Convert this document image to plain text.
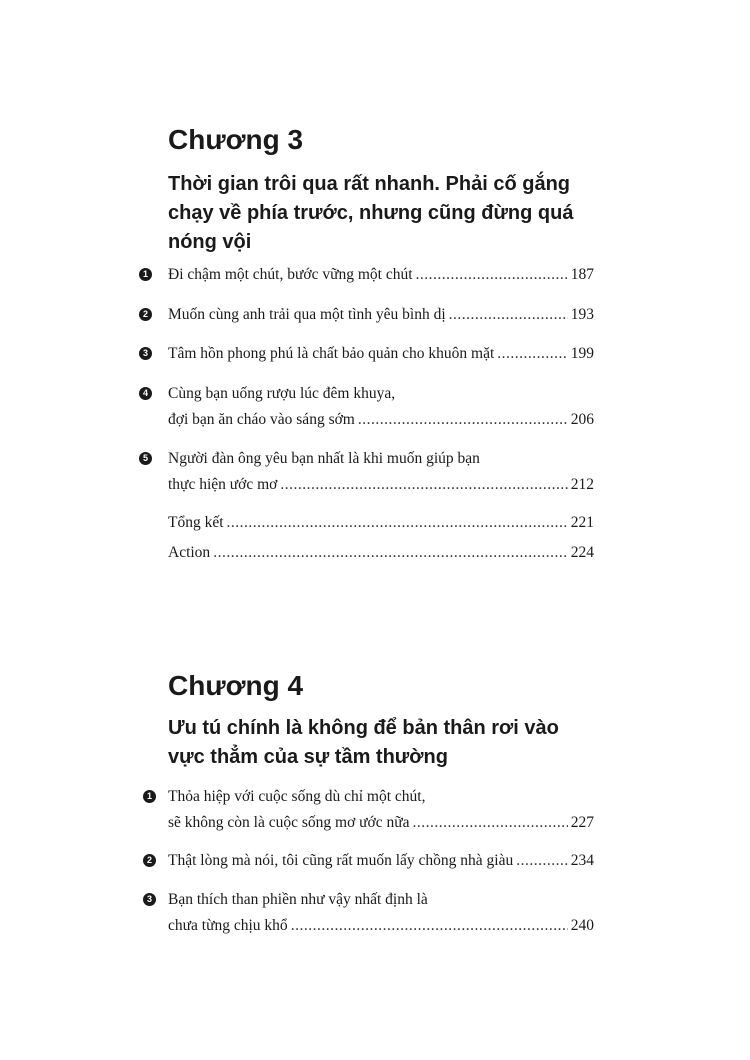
Chương 3
Thời gian trôi qua rất nhanh. Phải cố gắng
chạy về phía trước, nhưng cũng đừng quá
nóng vội
1 Đi chậm một chút, bước vững một chút .....	187
2 Muốn cùng anh trải qua một tình yêu bình dị .....	193
3 Tâm hồn phong phú là chất bảo quản cho khuôn mặt .....	199
4 Cùng bạn uống rượu lúc đêm khuya,
đợi bạn ăn cháo vào sáng sớm .....	206
5 Người đàn ông yêu bạn nhất là khi muốn giúp bạn
thực hiện ước mơ .....	212
Tổng kết .....	221
Action .....	224
Chương 4
Ưu tú chính là không để bản thân rơi vào
vực thẳm của sự tầm thường
1 Thỏa hiệp với cuộc sống dù chỉ một chút,
sẽ không còn là cuộc sống mơ ước nữa .....	227
2 Thật lòng mà nói, tôi cũng rất muốn lấy chồng nhà giàu .....	234
3 Bạn thích than phiền như vậy nhất định là
chưa từng chịu khổ .....	240
